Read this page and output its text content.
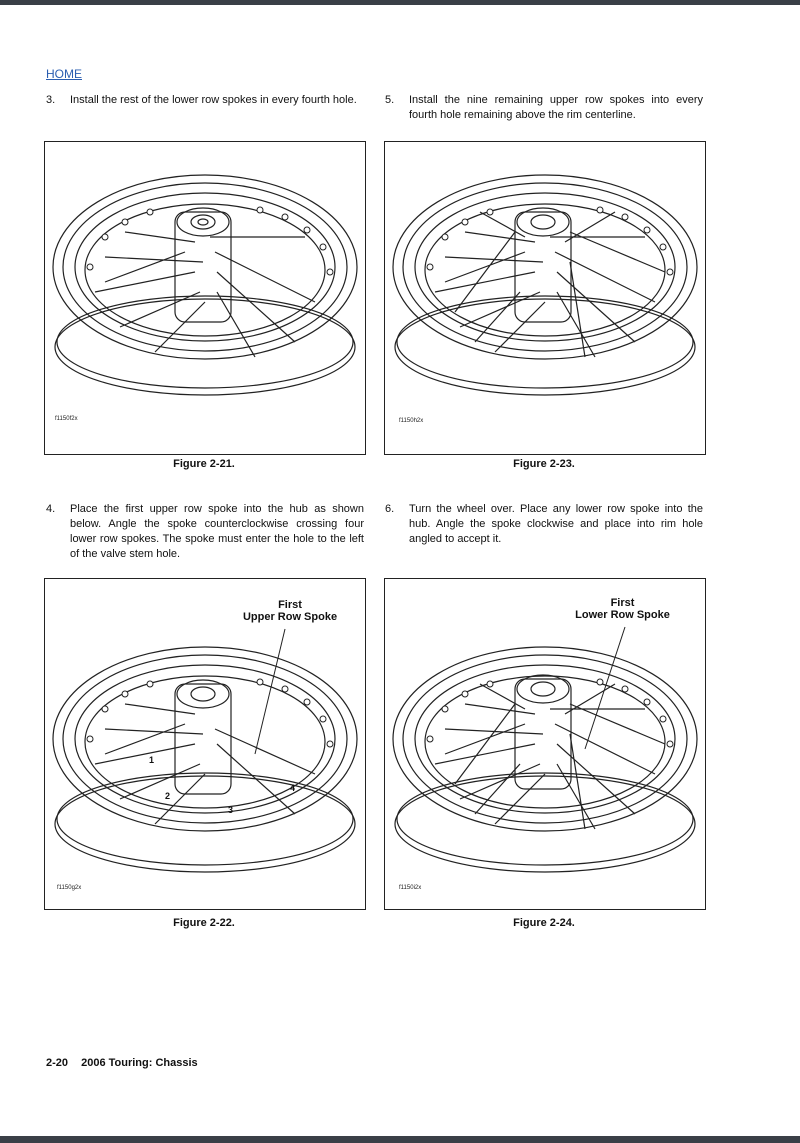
HOME
3. Install the rest of the lower row spokes in every fourth hole.	5. Install the nine remaining upper row spokes into every fourth hole remaining above the rim centerline.
f1150f2x
Figure 2-21.
f1150h2x
Figure 2-23.
4. Place the first upper row spoke into the hub as shown below. Angle the spoke counterclockwise crossing four lower row spokes. The spoke must enter the hole to the left of the valve stem hole.
6. Turn the wheel over. Place any lower row spoke into the hub. Angle the spoke clockwise and place into rim hole angled to accept it.
First
Upper Row Spoke
1
2
3
4
f1150g2x
Figure 2-22.
First
Lower Row Spoke
f1150i2x
Figure 2-24.
2-20 2006 Touring: Chassis
